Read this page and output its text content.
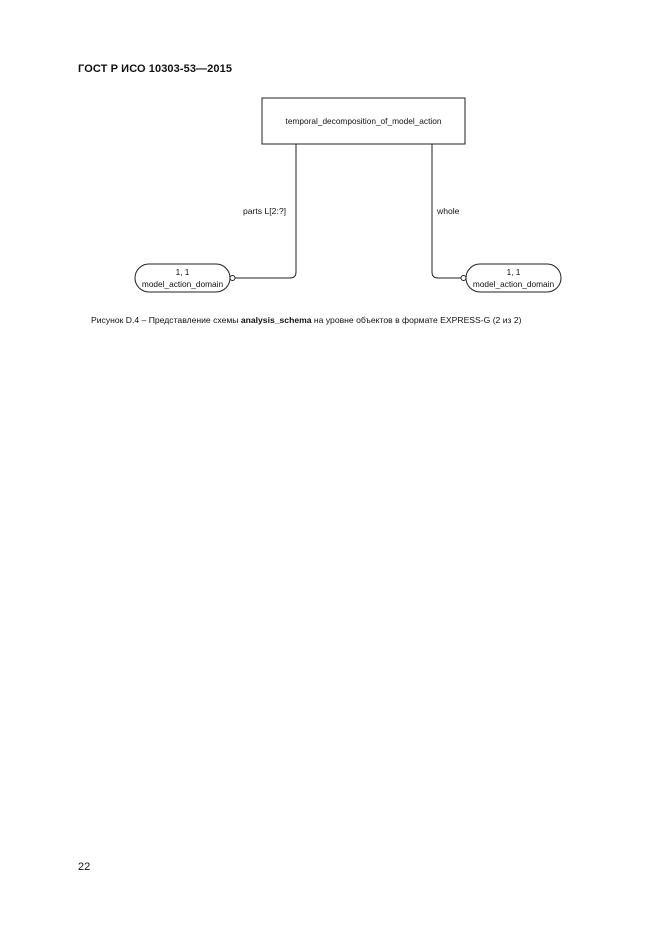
ГОСТ Р ИСО 10303-53—2015
temporal_decomposition_of_model_action
parts L[2:?]
1, 1
model_action_domain
whole
1, 1
model_action_domain
Рисунок D.4 – Представление схемы analysis_schema на уровне объектов в формате EXPRESS-G (2 из 2)
22
